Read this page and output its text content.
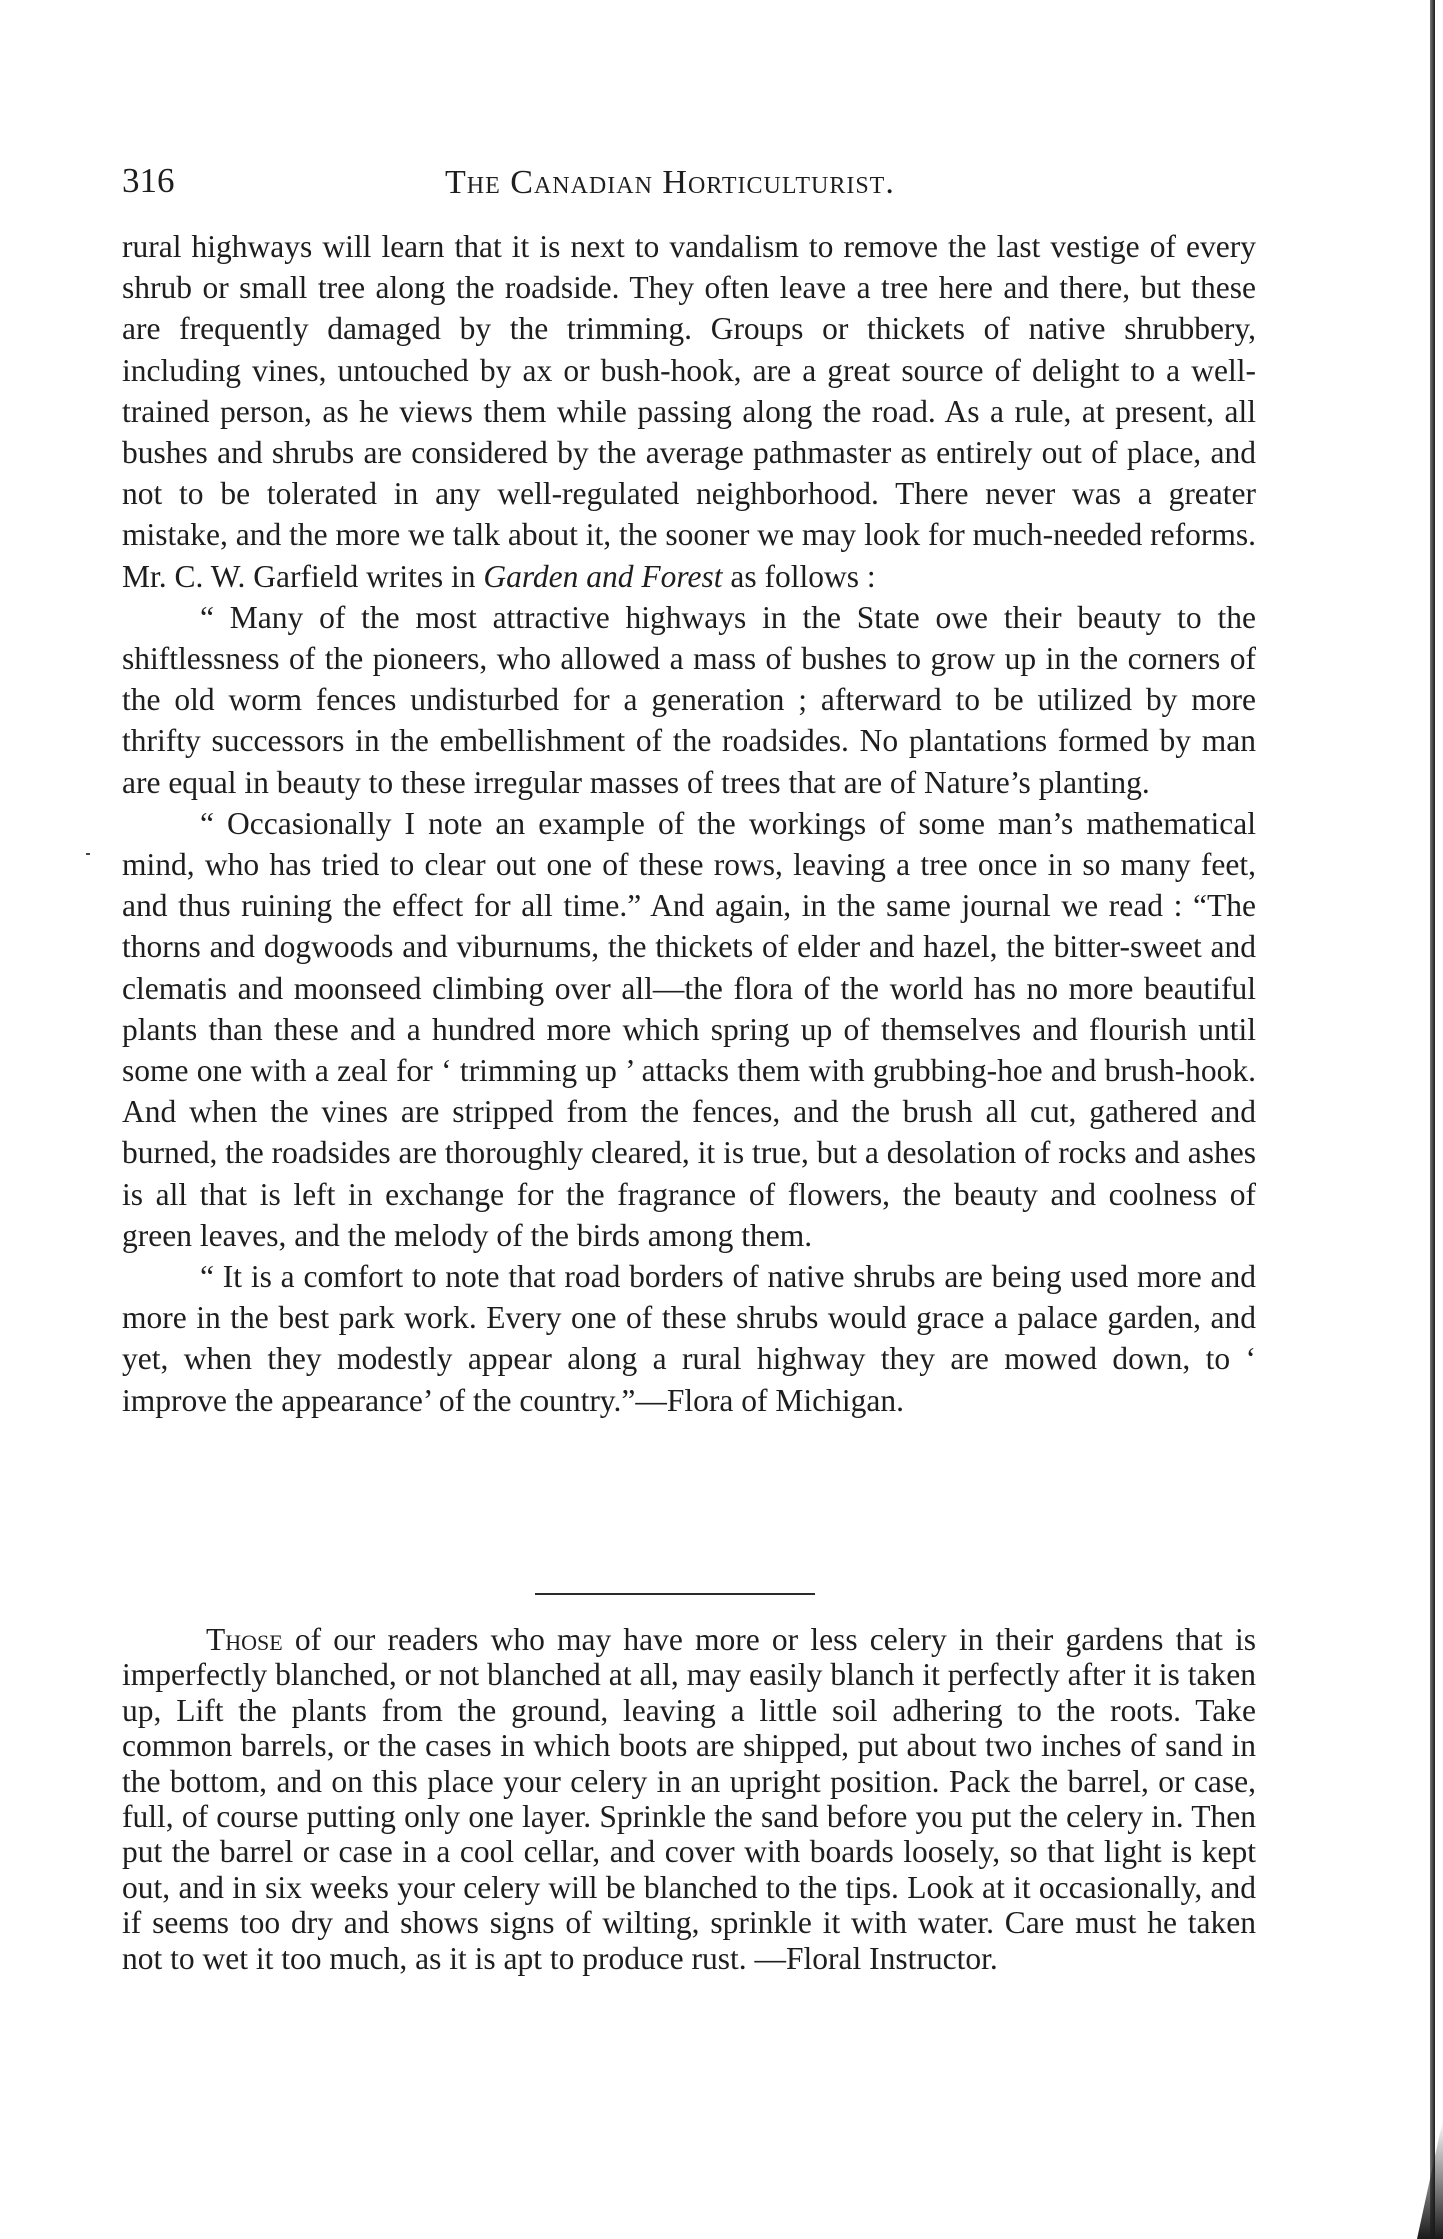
316	The Canadian Horticulturist.

rural highways will learn that it is next to vandalism to remove the last vestige of every shrub or small tree along the roadside. They often leave a tree here and there, but these are frequently damaged by the trimming. Groups or thickets of native shrubbery, including vines, untouched by ax or bush-hook, are a great source of delight to a well-trained person, as he views them while passing along the road. As a rule, at present, all bushes and shrubs are considered by the average pathmaster as entirely out of place, and not to be tolerated in any well-regulated neighborhood. There never was a greater mistake, and the more we talk about it, the sooner we may look for much-needed reforms. Mr. C. W. Garfield writes in Garden and Forest as follows :

“ Many of the most attractive highways in the State owe their beauty to the shiftlessness of the pioneers, who allowed a mass of bushes to grow up in the corners of the old worm fences undisturbed for a generation ; afterward to be utilized by more thrifty successors in the embellishment of the roadsides. No plantations formed by man are equal in beauty to these irregular masses of trees that are of Nature’s planting.

“ Occasionally I note an example of the workings of some man’s mathematical mind, who has tried to clear out one of these rows, leaving a tree once in so many feet, and thus ruining the effect for all time.” And again, in the same journal we read : “The thorns and dogwoods and viburnums, the thickets of elder and hazel, the bitter-sweet and clematis and moonseed climbing over all—the flora of the world has no more beautiful plants than these and a hundred more which spring up of themselves and flourish until some one with a zeal for ‘ trimming up ’ attacks them with grubbing-hoe and brush-hook. And when the vines are stripped from the fences, and the brush all cut, gathered and burned, the roadsides are thoroughly cleared, it is true, but a desolation of rocks and ashes is all that is left in exchange for the fragrance of flowers, the beauty and coolness of green leaves, and the melody of the birds among them.

“ It is a comfort to note that road borders of native shrubs are being used more and more in the best park work. Every one of these shrubs would grace a palace garden, and yet, when they modestly appear along a rural highway they are mowed down, to ‘ improve the appearance’ of the country.”—Flora of Michigan.

Those of our readers who may have more or less celery in their gardens that is imperfectly blanched, or not blanched at all, may easily blanch it perfectly after it is taken up, Lift the plants from the ground, leaving a little soil adhering to the roots. Take common barrels, or the cases in which boots are shipped, put about two inches of sand in the bottom, and on this place your celery in an upright position. Pack the barrel, or case, full, of course putting only one layer. Sprinkle the sand before you put the celery in. Then put the barrel or case in a cool cellar, and cover with boards loosely, so that light is kept out, and in six weeks your celery will be blanched to the tips. Look at it occasionally, and if seems too dry and shows signs of wilting, sprinkle it with water. Care must he taken not to wet it too much, as it is apt to produce rust. —Floral Instructor.
